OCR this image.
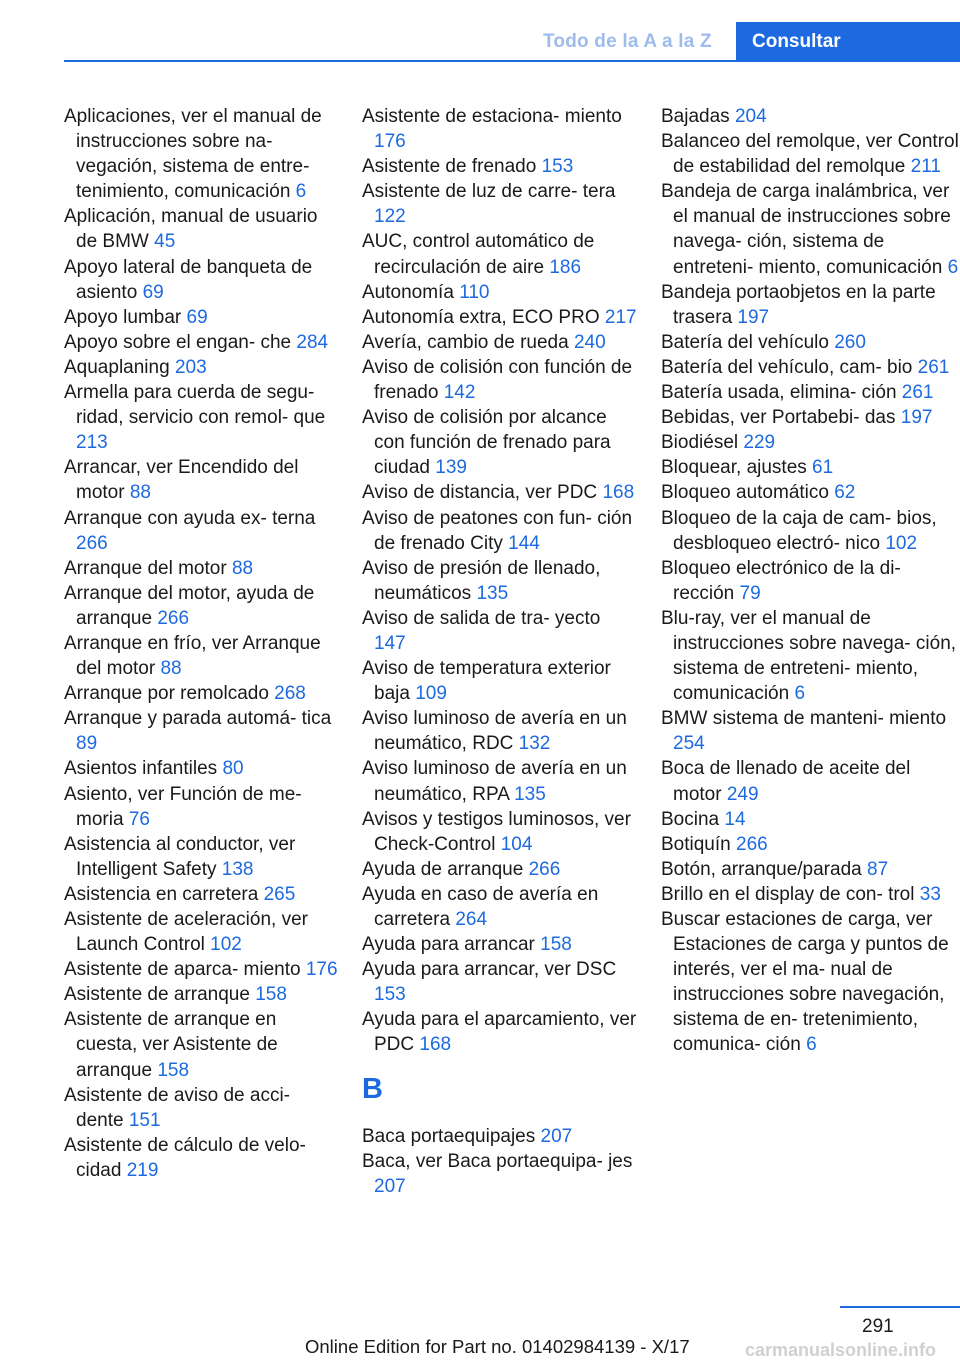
Todo de la A a la Z Consultar
Aplicaciones, ver el manual de instrucciones sobre na‐ vegación, sistema de entre‐ tenimiento, comunicación 6
Aplicación, manual de usuario de BMW 45
Apoyo lateral de banqueta de asiento 69
Apoyo lumbar 69
Apoyo sobre el engan‐ che 284
Aquaplaning 203
Armella para cuerda de segu‐ ridad, servicio con remol‐ que 213
Arrancar, ver Encendido del motor 88
Arranque con ayuda ex‐ terna 266
Arranque del motor 88
Arranque del motor, ayuda de arranque 266
Arranque en frío, ver Arranque del motor 88
Arranque por remolcado 268
Arranque y parada automá‐ tica 89
Asientos infantiles 80
Asiento, ver Función de me‐ moria 76
Asistencia al conductor, ver Intelligent Safety 138
Asistencia en carretera 265
Asistente de aceleración, ver Launch Control 102
Asistente de aparca‐ miento 176
Asistente de arranque 158
Asistente de arranque en cuesta, ver Asistente de arranque 158
Asistente de aviso de acci‐ dente 151
Asistente de cálculo de velo‐ cidad 219
Asistente de estaciona‐ miento 176
Asistente de frenado 153
Asistente de luz de carre‐ tera 122
AUC, control automático de recirculación de aire 186
Autonomía 110
Autonomía extra, ECO PRO 217
Avería, cambio de rueda 240
Aviso de colisión con función de frenado 142
Aviso de colisión por alcance con función de frenado para ciudad 139
Aviso de distancia, ver PDC 168
Aviso de peatones con fun‐ ción de frenado City 144
Aviso de presión de llenado, neumáticos 135
Aviso de salida de tra‐ yecto 147
Aviso de temperatura exterior baja 109
Aviso luminoso de avería en un neumático, RDC 132
Aviso luminoso de avería en un neumático, RPA 135
Avisos y testigos luminosos, ver Check-Control 104
Ayuda de arranque 266
Ayuda en caso de avería en carretera 264
Ayuda para arrancar 158
Ayuda para arrancar, ver DSC 153
Ayuda para el aparcamiento, ver PDC 168
B
Baca portaequipajes 207
Baca, ver Baca portaequipa‐ jes 207
Bajadas 204
Balanceo del remolque, ver Control de estabilidad del remolque 211
Bandeja de carga inalámbrica, ver el manual de instrucciones sobre navega‐ ción, sistema de entreteni‐ miento, comunicación 6
Bandeja portaobjetos en la parte trasera 197
Batería del vehículo 260
Batería del vehículo, cam‐ bio 261
Batería usada, elimina‐ ción 261
Bebidas, ver Portabebi‐ das 197
Biodiésel 229
Bloquear, ajustes 61
Bloqueo automático 62
Bloqueo de la caja de cam‐ bios, desbloqueo electró‐ nico 102
Bloqueo electrónico de la di‐ rección 79
Blu-ray, ver el manual de instrucciones sobre navega‐ ción, sistema de entreteni‐ miento, comunicación 6
BMW sistema de manteni‐ miento 254
Boca de llenado de aceite del motor 249
Bocina 14
Botiquín 266
Botón, arranque/parada 87
Brillo en el display de con‐ trol 33
Buscar estaciones de carga, ver Estaciones de carga y puntos de interés, ver el ma‐ nual de instrucciones sobre navegación, sistema de en‐ tretenimiento, comunica‐ ción 6
291
Online Edition for Part no. 01402984139 - X/17	carmanualsonline.info
